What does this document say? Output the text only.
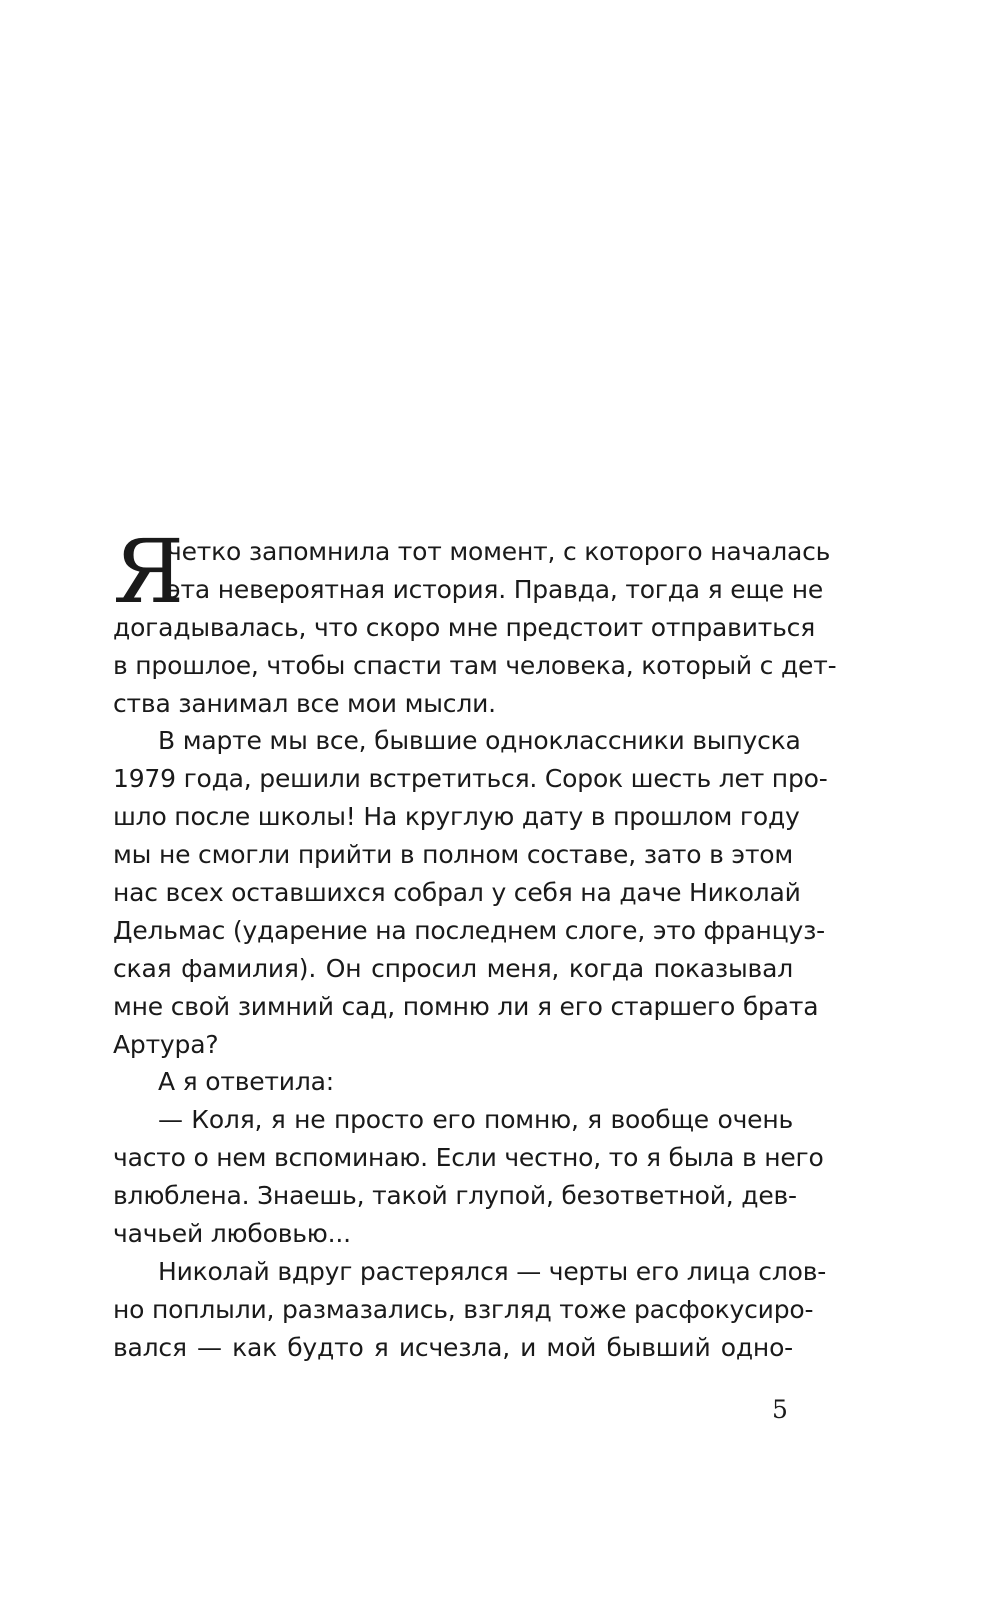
Я
четко запомнила тот момент, с которого началась
эта невероятная история. Правда, тогда я еще не
догадывалась, что скоро мне предстоит отправиться
в прошлое, чтобы спасти там человека, который с дет-
ства занимал все мои мысли.
В марте мы все, бывшие одноклассники выпуска
1979 года, решили встретиться. Сорок шесть лет про-
шло после школы! На круглую дату в прошлом году
мы не смогли прийти в полном составе, зато в этом
нас всех оставшихся собрал у себя на даче Николай
Дельмас (ударение на последнем слоге, это француз-
ская фамилия). Он спросил меня, когда показывал
мне свой зимний сад, помню ли я его старшего брата
Артура?
А я ответила:
— Коля, я не просто его помню, я вообще очень
часто о нем вспоминаю. Если честно, то я была в него
влюблена. Знаешь, такой глупой, безответной, дев-
чачьей любовью...
Николай вдруг растерялся — черты его лица слов-
но поплыли, размазались, взгляд тоже расфокусиро-
вался — как будто я исчезла, и мой бывший одно-
5
